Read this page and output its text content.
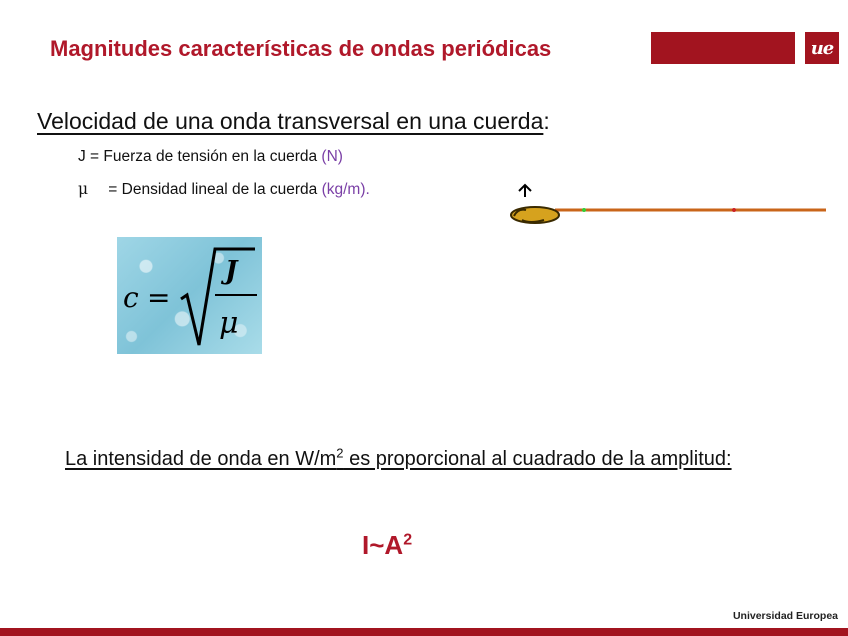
Magnitudes características de ondas periódicas	ue
Velocidad de una onda transversal en una cuerda:
J = Fuerza de tensión en la cuerda (N)
μ = Densidad lineal de la cuerda (kg/m).
c =
J
μ
La intensidad de onda en $W/m^2$ es proporcional al cuadrado de la amplitud:
$I\sim A^2$
Universidad Europea
